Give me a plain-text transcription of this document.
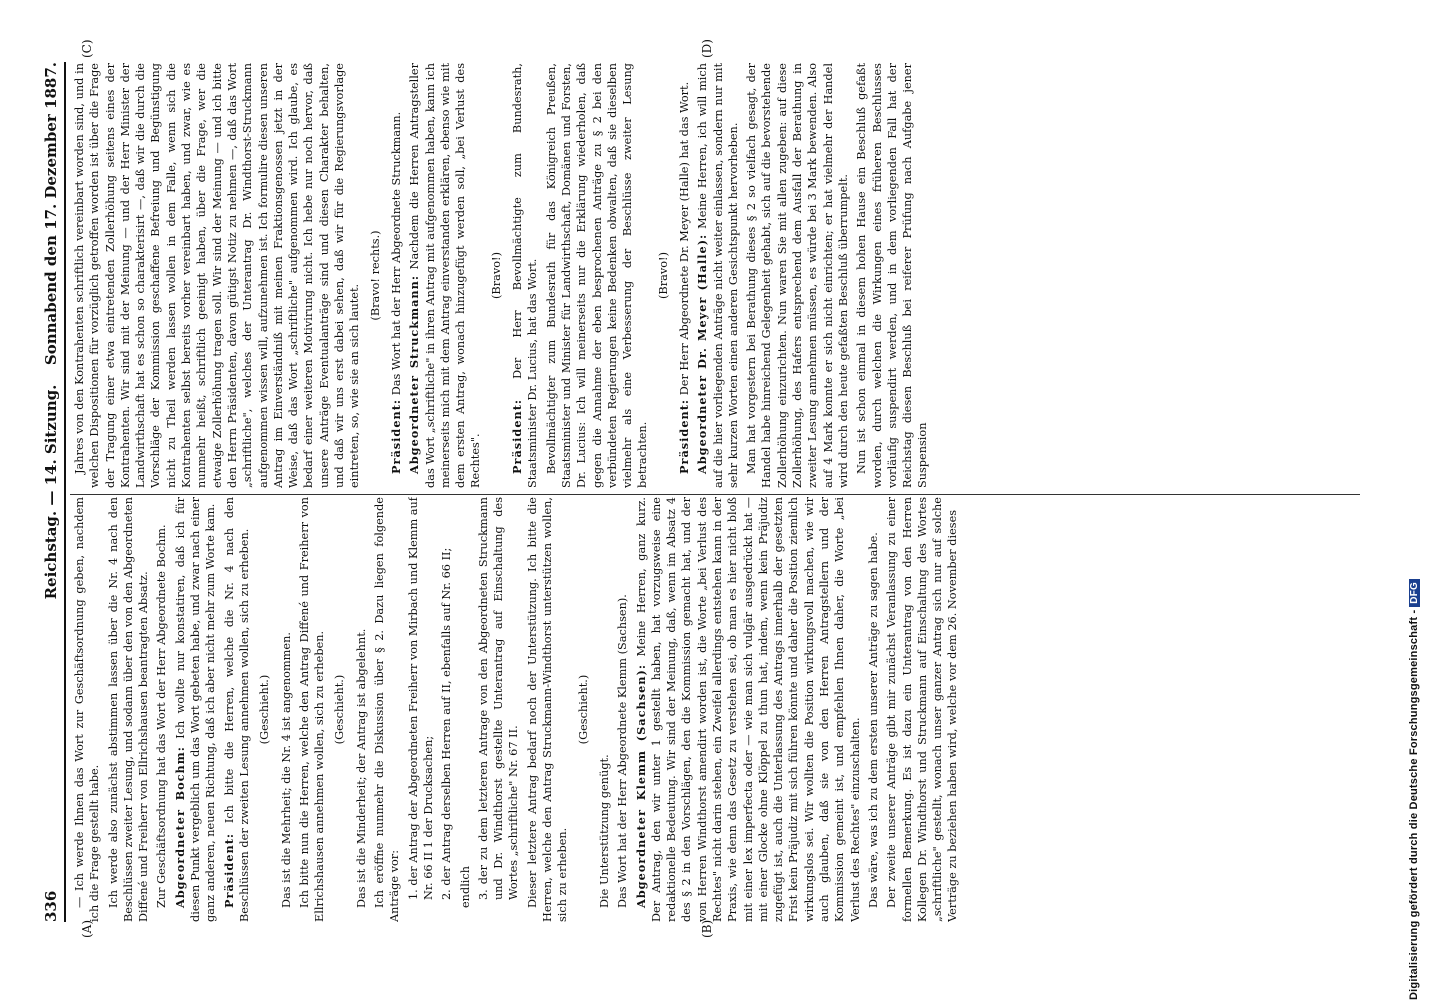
336
Reichstag. — 14. Sitzung.
Sonnabend den 17. Dezember 1887.
(A)	(B)
(C)	(D)
— Ich werde Ihnen das Wort zur Geschäftsordnung geben, nachdem ich die Frage gestellt habe. Ich werde also zunächst abstimmen lassen über die Nr. 4 nach den Beschlüssen zweiter Lesung, und sodann über den von den Abgeordneten Diffené und Freiherr von Ellrichshausen beantragten Absatz. Zur Geschäftsordnung hat das Wort der Herr Abgeordnete Bochm. Abgeordneter Bochm: Ich wollte nur konstatiren, daß ich für diesen Punkt vergeblich um das Wort gebeten habe, und zwar nach einer ganz anderen, neuen Richtung, daß ich aber nicht mehr zum Worte kam. Präsident: Ich bitte die Herren, welche die Nr. 4 nach den Beschlüssen der zweiten Lesung annehmen wollen, sich zu erheben. (Geschieht.) Das ist die Mehrheit; die Nr. 4 ist angenommen. Ich bitte nun die Herren, welche den Antrag Diffené und Freiherr von Ellrichshausen annehmen wollen, sich zu erheben. (Geschieht.) Das ist die Minderheit; der Antrag ist abgelehnt. Ich eröffne nunmehr die Diskussion über § 2. Dazu liegen folgende Anträge vor: 1. der Antrag der Abgeordneten Freiherr von Mirbach und Klemm auf Nr. 66 II 1 der Drucksachen; 2. der Antrag derselben Herren auf II, ebenfalls auf Nr. 66 II; endlich 3. der zu dem letzteren Antrage von den Abgeordneten Struckmann und Dr. Windthorst gestellte Unterantrag auf Einschaltung des Wortes „schriftliche" Nr. 67 II. Dieser letztere Antrag bedarf noch der Unterstützung. Ich bitte die Herren, welche den Antrag Struckmann-Windthorst unterstützen wollen, sich zu erheben.
(Geschieht.)
Die Unterstützung genügt. Das Wort hat der Herr Abgeordnete Klemm (Sachsen). Abgeordneter Klemm (Sachsen): Meine Herren, ganz kurz. Der Antrag, den wir unter 1 gestellt haben, hat vorzugsweise eine redaktionelle Bedeutung. Wir sind der Meinung, daß, wenn im Absatz 4 des § 2 in den Vorschlägen, den die Kommission gemacht hat, und der von Herren Windthorst amendirt worden ist, die Worte „bei Verlust des Rechtes" nicht darin stehen, ein Zweifel allerdings entstehen kann in der Praxis, wie denn das Gesetz zu verstehen sei, ob man es hier nicht bloß mit einer lex imperfecta oder — wie man sich vulgär ausgedrückt hat — mit einer Glocke ohne Klöppel zu thun hat, indem, wenn kein Präjudiz zugefügt ist, auch die Unterlassung des Antrags innerhalb der gesetzten Frist kein Präjudiz mit sich führen könnte und daher die Position ziemlich wirkungslos sei. Wir wollten die Position wirkungsvoll machen, wie wir auch glauben, daß sie von den Herren Antragstellern und der Kommission gemeint ist, und empfehlen Ihnen daher, die Worte „bei Verlust des Rechtes" einzuschalten. Das wäre, was ich zu dem ersten unserer Anträge zu sagen habe. Der zweite unserer Anträge gibt mir zunächst Veranlassung zu einer formellen Bemerkung. Es ist dazu ein Unterantrag von den Herren Kollegen Dr. Windthorst und Struckmann auf Einschaltung des Wortes „schriftliche" gestellt, wonach unser ganzer Antrag sich nur auf solche Verträge zu beziehen haben wird, welche vor dem 26. November dieses
Jahres von den Kontrahenten schriftlich vereinbart worden sind, und in welchen Dispositionen für vorzüglich getroffen worden ist über die Frage der Tragung einer etwa eintretenden Zollerhöhung seitens eines der Kontrahenten. Wir sind mit der Meinung — und der Herr Minister der Landwirthschaft hat es schon so charakterisirt —, daß wir die durch die Vorschläge der Kommission geschaffene Befreiung und Begünstigung nicht zu Theil werden lassen wollen in dem Falle, wenn sich die Kontrahenten selbst bereits vorher vereinbart haben, und zwar, wie es nunmehr heißt, schriftlich geeinigt haben, über die Frage, wer die etwaige Zollerhöhung tragen soll. Wir sind der Meinung — und ich bitte den Herrn Präsidenten, davon gütigst Notiz zu nehmen —, daß das Wort „schriftliche", welches der Unterantrag Dr. Windthorst-Struckmann aufgenommen wissen will, aufzunehmen ist. Ich formulire diesen unseren Antrag im Einverständniß mit meinen Fraktionsgenossen jetzt in der Weise, daß das Wort „schriftliche" aufgenommen wird. Ich glaube, es bedarf einer weiteren Motivirung nicht. Ich hebe nur noch hervor, daß unsere Anträge Eventualanträge sind und diesen Charakter behalten, und daß wir uns erst dabei sehen, daß wir für die Regierungsvorlage eintreten, so, wie sie an sich lautet.
(Bravo! rechts.)
Präsident: Das Wort hat der Herr Abgeordnete Struckmann. Abgeordneter Struckmann: Nachdem die Herren Antragsteller das Wort „schriftliche" in ihren Antrag mit aufgenommen haben, kann ich meinerseits mich mit dem Antrag einverstanden erklären, ebenso wie mit dem ersten Antrag, wonach hinzugefügt werden soll, „bei Verlust des Rechtes".
(Bravo!)
Präsident: Der Herr Bevollmächtigte zum Bundesrath, Staatsminister Dr. Lucius, hat das Wort. Bevollmächtigter zum Bundesrath für das Königreich Preußen, Staatsminister und Minister für Landwirthschaft, Domänen und Forsten, Dr. Lucius: Ich will meinerseits nur die Erklärung wiederholen, daß gegen die Annahme der eben besprochenen Anträge zu § 2 bei den verbündeten Regierungen keine Bedenken obwalten, daß sie dieselben vielmehr als eine Verbesserung der Beschlüsse zweiter Lesung betrachten.
(Bravo!)
Präsident: Der Herr Abgeordnete Dr. Meyer (Halle) hat das Wort. Abgeordneter Dr. Meyer (Halle): Meine Herren, ich will mich auf die hier vorliegenden Anträge nicht weiter einlassen, sondern nur mit sehr kurzen Worten einen anderen Gesichtspunkt hervorheben. Man hat vorgestern bei Berathung dieses § 2 so vielfach gesagt, der Handel habe hinreichend Gelegenheit gehabt, sich auf die bevorstehende Zollerhöhung einzurichten. Nun waren Sie mit allen zugeben: auf diese Zollerhöhung, des Hafers entsprechend dem Ausfall der Berathung in zweiter Lesung annehmen müssen, es würde bei 3 Mark bewenden. Also auf 4 Mark konnte er sich nicht einrichten; er hat vielmehr der Handel wird durch den heute gefaßten Beschluß überrumpelt. Nun ist schon einmal in diesem hohen Hause ein Beschluß gefaßt worden, durch welchen die Wirkungen eines früheren Beschlusses vorläufig suspendirt werden, und in dem vorliegenden Fall hat der Reichstag diesen Beschluß bei reiferer Prüfung nach Aufgabe jener Suspension
Digitalisierung gefördert durch die Deutsche Forschungsgemeinschaft -DFG
